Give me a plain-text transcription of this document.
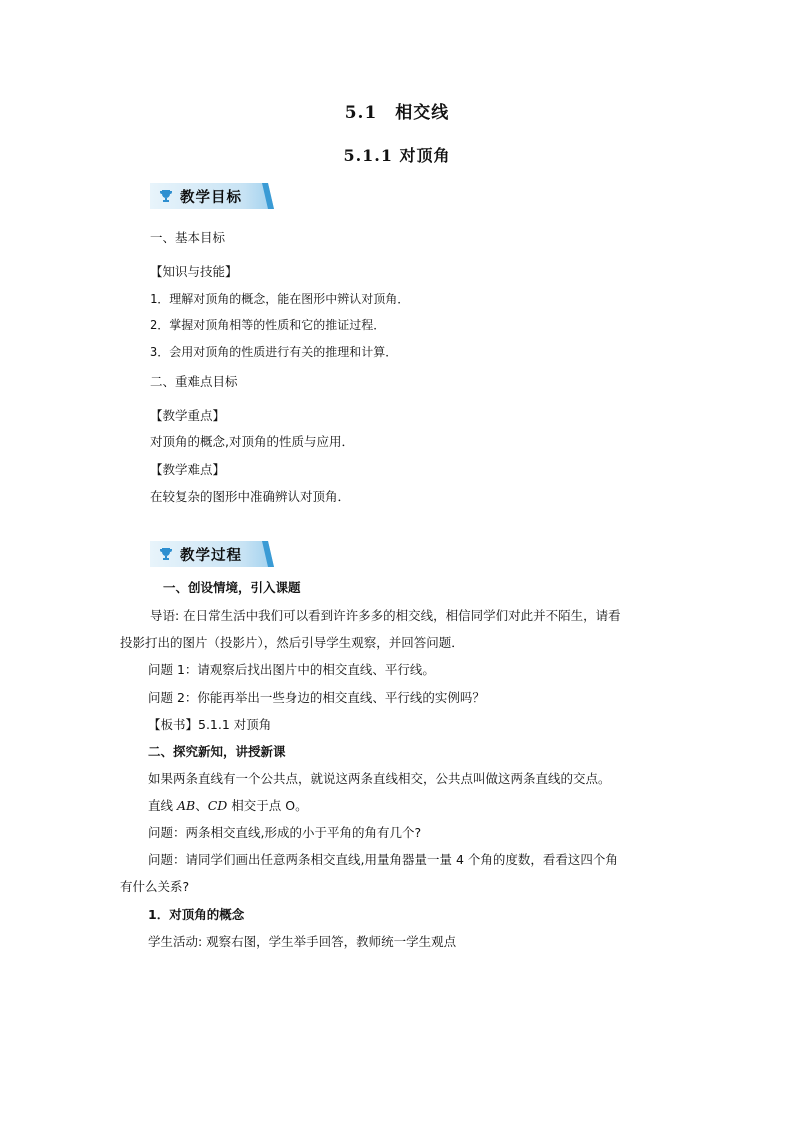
5.1　相交线
5.1.1 对顶角
教学目标
一、基本目标
【知识与技能】
1．理解对顶角的概念，能在图形中辨认对顶角．
2．掌握对顶角相等的性质和它的推证过程．
3．会用对顶角的性质进行有关的推理和计算．
二、重难点目标
【教学重点】
对顶角的概念,对顶角的性质与应用．
【教学难点】
在较复杂的图形中准确辨认对顶角．
教学过程
一、创设情境，引入课题
导语: 在日常生活中我们可以看到许许多多的相交线，相信同学们对此并不陌生，请看
投影打出的图片（投影片），然后引导学生观察，并回答问题．
问题 1：请观察后找出图片中的相交直线、平行线。
问题 2：你能再举出一些身边的相交直线、平行线的实例吗？
【板书】5.1.1 对顶角
二、探究新知，讲授新课
如果两条直线有一个公共点，就说这两条直线相交，公共点叫做这两条直线的交点。
直线 AB、CD 相交于点 O。
问题：两条相交直线,形成的小于平角的角有几个?
问题：请同学们画出任意两条相交直线,用量角器量一量 4 个角的度数，看看这四个角
有什么关系?
1．对顶角的概念
学生活动: 观察右图，学生举手回答，教师统一学生观点
